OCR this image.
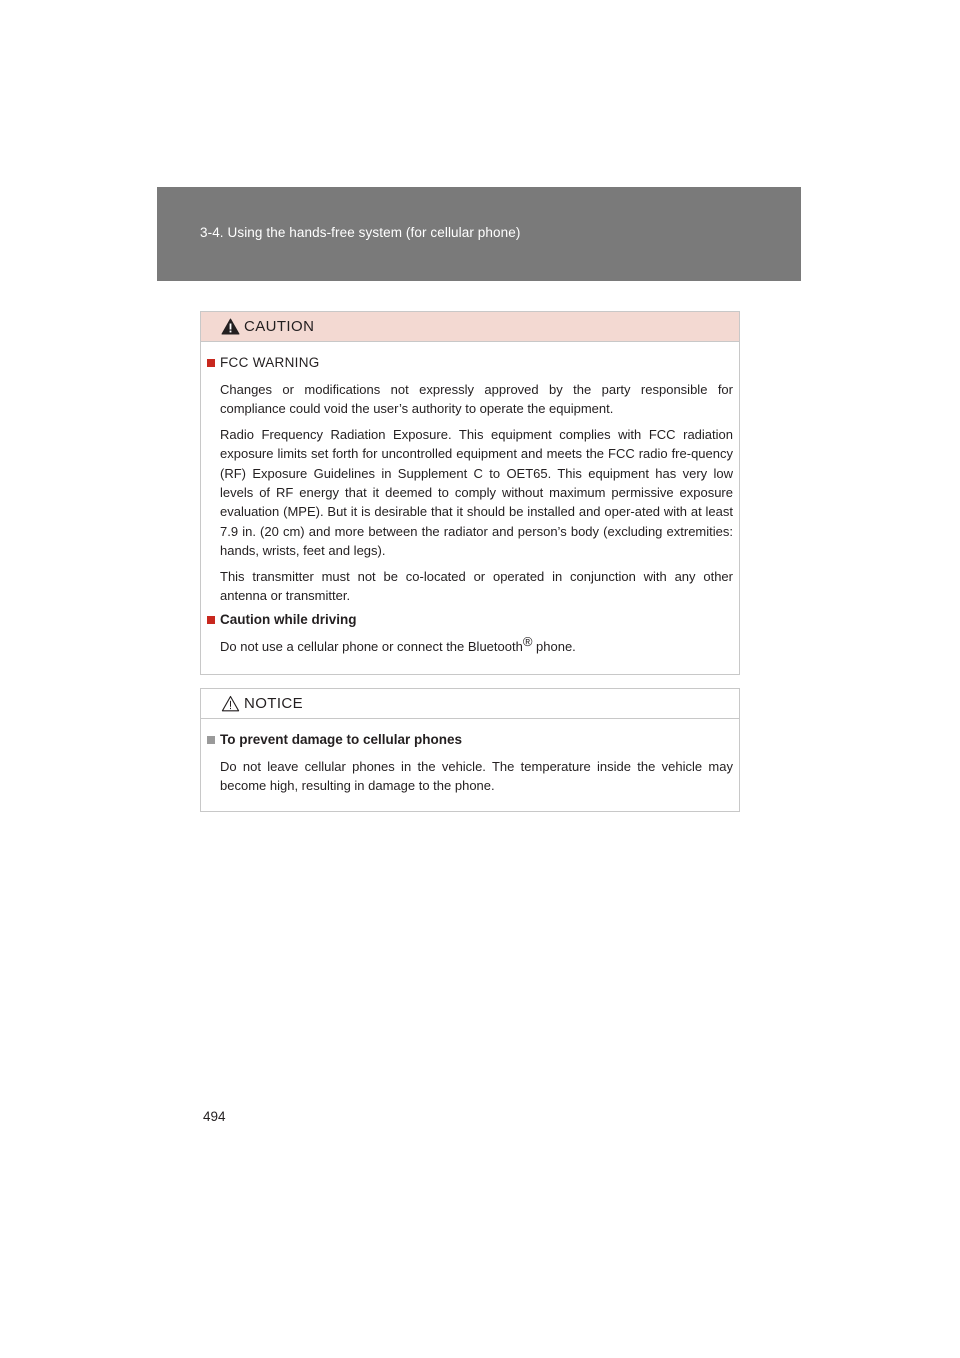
3-4. Using the hands-free system (for cellular phone)
CAUTION
FCC WARNING

Changes or modifications not expressly approved by the party responsible for compliance could void the user’s authority to operate the equipment.

Radio Frequency Radiation Exposure. This equipment complies with FCC radiation exposure limits set forth for uncontrolled equipment and meets the FCC radio fre-quency (RF) Exposure Guidelines in Supplement C to OET65. This equipment has very low levels of RF energy that it deemed to comply without maximum permissive exposure evaluation (MPE). But it is desirable that it should be installed and oper-ated with at least 7.9 in. (20 cm) and more between the radiator and person’s body (excluding extremities: hands, wrists, feet and legs).

This transmitter must not be co-located or operated in conjunction with any other antenna or transmitter.

Caution while driving

Do not use a cellular phone or connect the Bluetooth® phone.

NOTICE
To prevent damage to cellular phones

Do not leave cellular phones in the vehicle. The temperature inside the vehicle may become high, resulting in damage to the phone.

494
